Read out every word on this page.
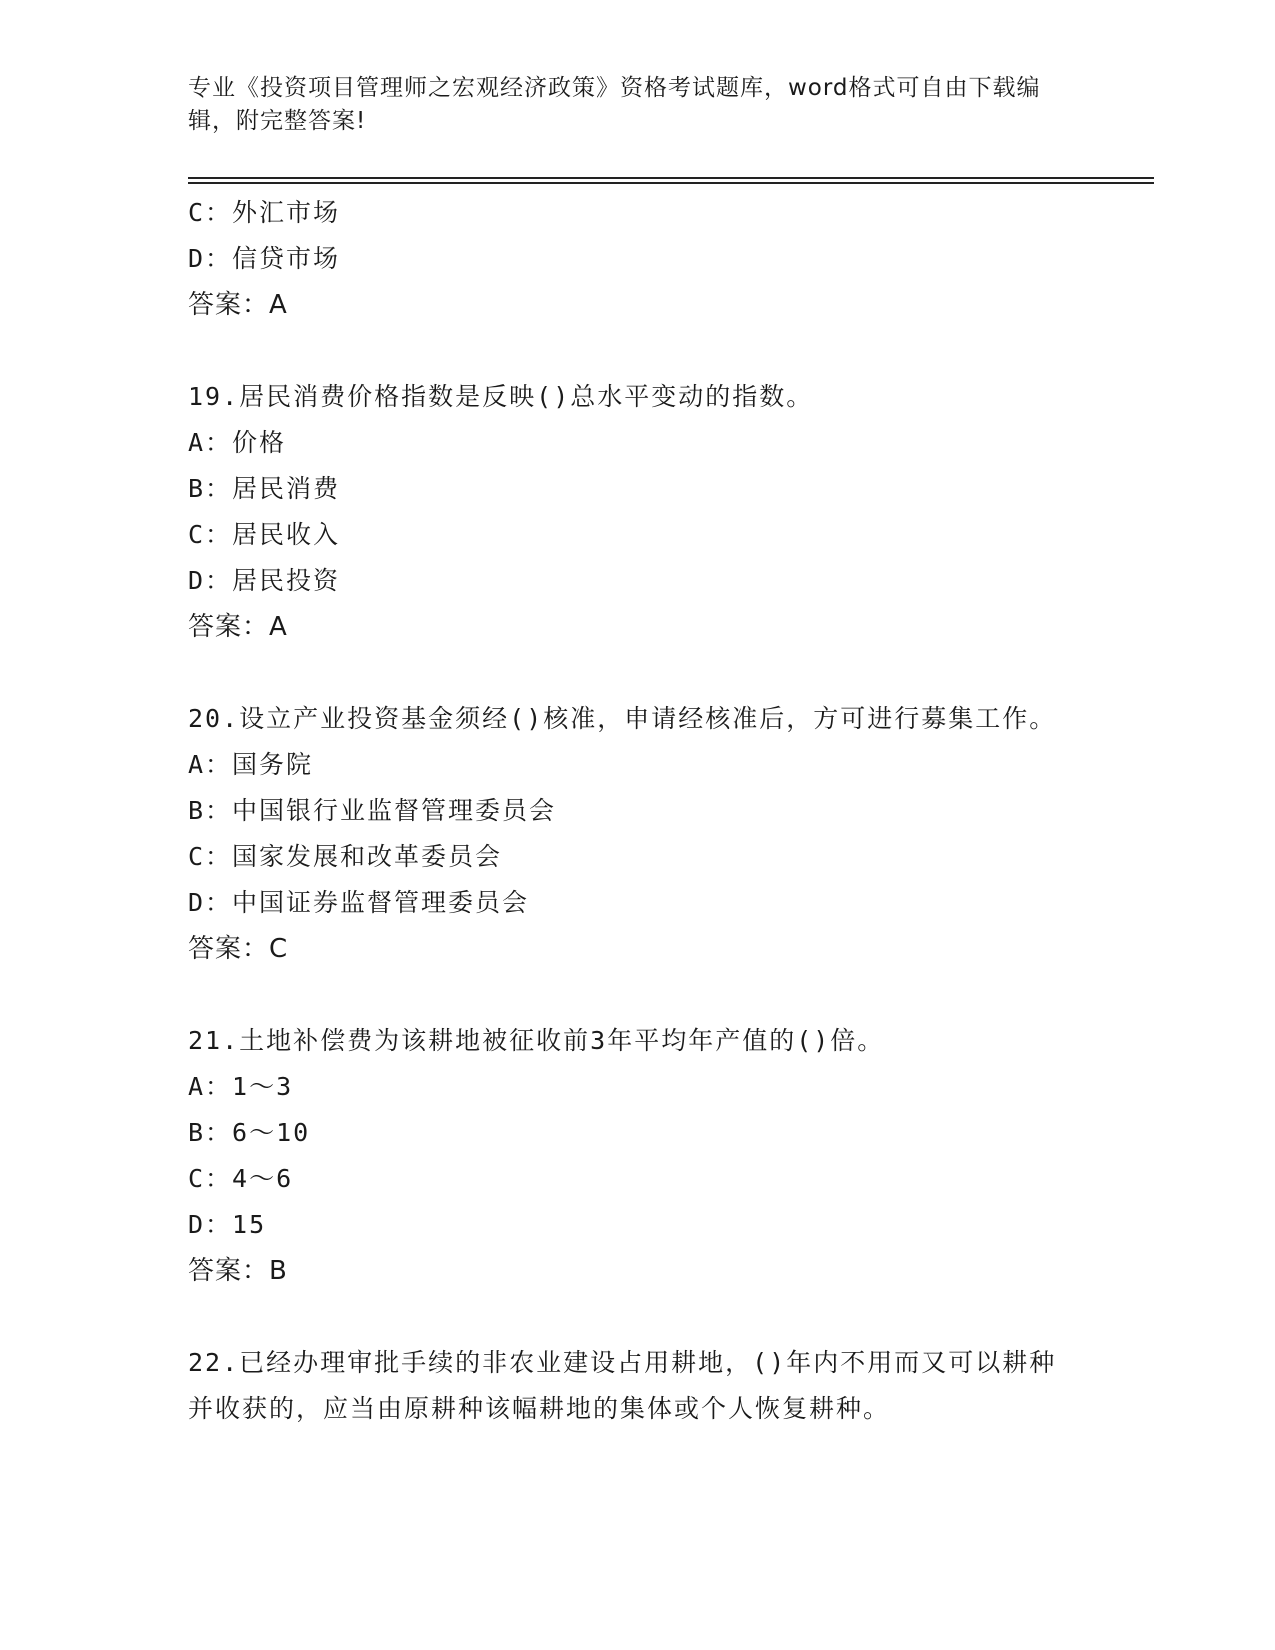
专业《投资项目管理师之宏观经济政策》资格考试题库，word格式可自由下载编辑，附完整答案!
C：外汇市场
D：信贷市场
答案：A
19.居民消费价格指数是反映()总水平变动的指数。
A：价格
B：居民消费
C：居民收入
D：居民投资
答案：A
20.设立产业投资基金须经()核准，申请经核准后，方可进行募集工作。
A：国务院
B：中国银行业监督管理委员会
C：国家发展和改革委员会
D：中国证券监督管理委员会
答案：C
21.土地补偿费为该耕地被征收前3年平均年产值的()倍。
A：1～3
B：6～10
C：4～6
D：15
答案：B
22.已经办理审批手续的非农业建设占用耕地，()年内不用而又可以耕种并收获的，应当由原耕种该幅耕地的集体或个人恢复耕种。
